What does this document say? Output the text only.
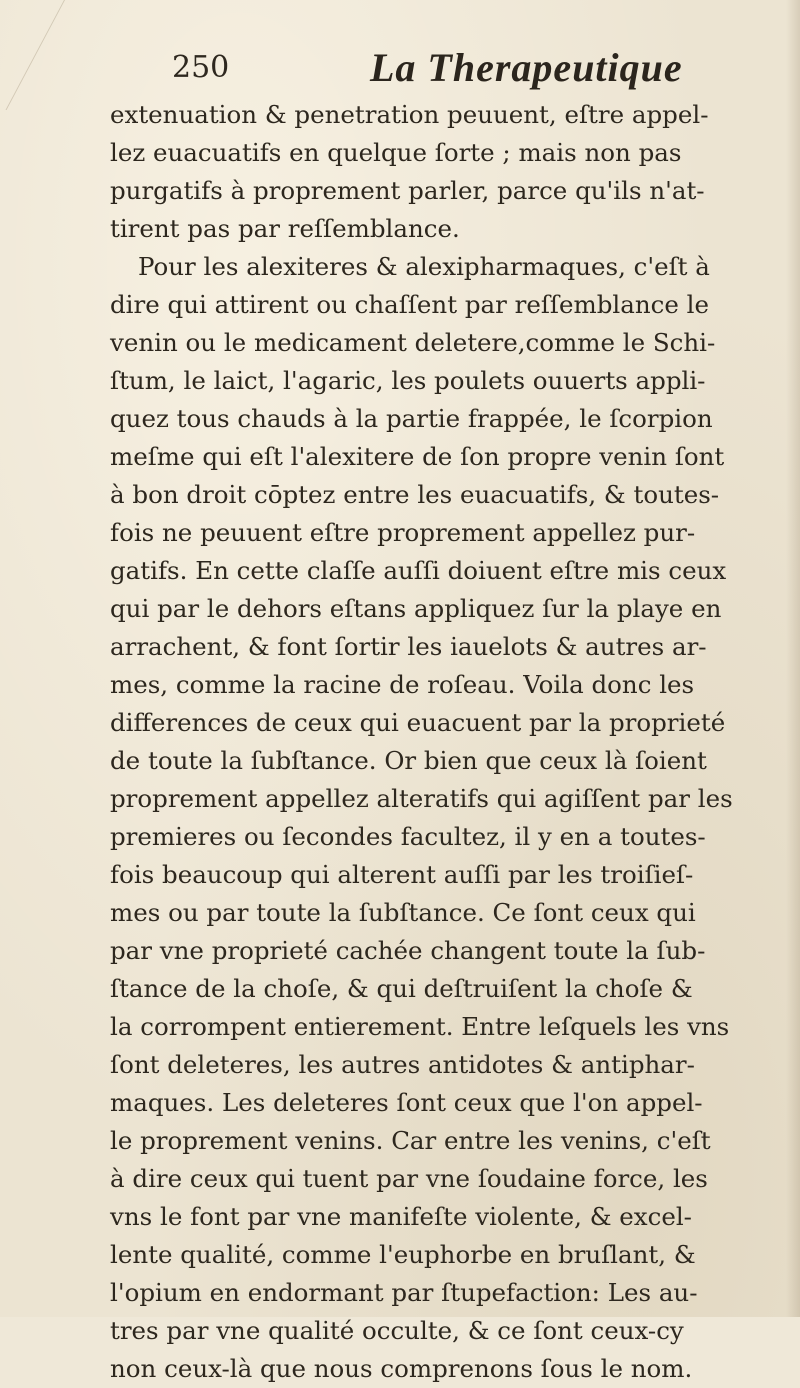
250	La Therapeutique
extenuation & penetration peuuent, eſtre appel-
lez euacuatifs en quelque ſorte ; mais non pas
purgatifs à proprement parler, parce qu'ils n'at-
tirent pas par reſſemblance.
Pour les alexiteres & alexipharmaques, c'eſt à
dire qui attirent ou chaſſent par reſſemblance le
venin ou le medicament deletere,comme le Schi-
ſtum, le laict, l'agaric, les poulets ouuerts appli-
quez tous chauds à la partie frappée, le ſcorpion
meſme qui eſt l'alexitere de ſon propre venin ſont
à bon droit cōptez entre les euacuatifs, & toutes-
fois ne peuuent eſtre proprement appellez pur-
gatifs. En cette claſſe auſſi doiuent eſtre mis ceux
qui par le dehors eſtans appliquez ſur la playe en
arrachent, & font ſortir les iauelots & autres ar-
mes, comme la racine de roſeau. Voila donc les
differences de ceux qui euacuent par la proprieté
de toute la ſubſtance. Or bien que ceux là ſoient
proprement appellez alteratifs qui agiſſent par les
premieres ou ſecondes facultez, il y en a toutes-
fois beaucoup qui alterent auſſi par les troiſieſ-
mes ou par toute la ſubſtance. Ce ſont ceux qui
par vne proprieté cachée changent toute la ſub-
ſtance de la choſe, & qui deſtruiſent la choſe &
la corrompent entierement. Entre leſquels les vns
ſont deleteres, les autres antidotes & antiphar-
maques. Les deleteres ſont ceux que l'on appel-
le proprement venins. Car entre les venins, c'eſt
à dire ceux qui tuent par vne ſoudaine force, les
vns le font par vne manifeſte violente, & excel-
lente qualité, comme l'euphorbe en bruſlant, &
l'opium en endormant par ſtupefaction: Les au-
tres par vne qualité occulte, & ce ſont ceux-cy
non ceux-là que nous comprenons ſous le nom.
